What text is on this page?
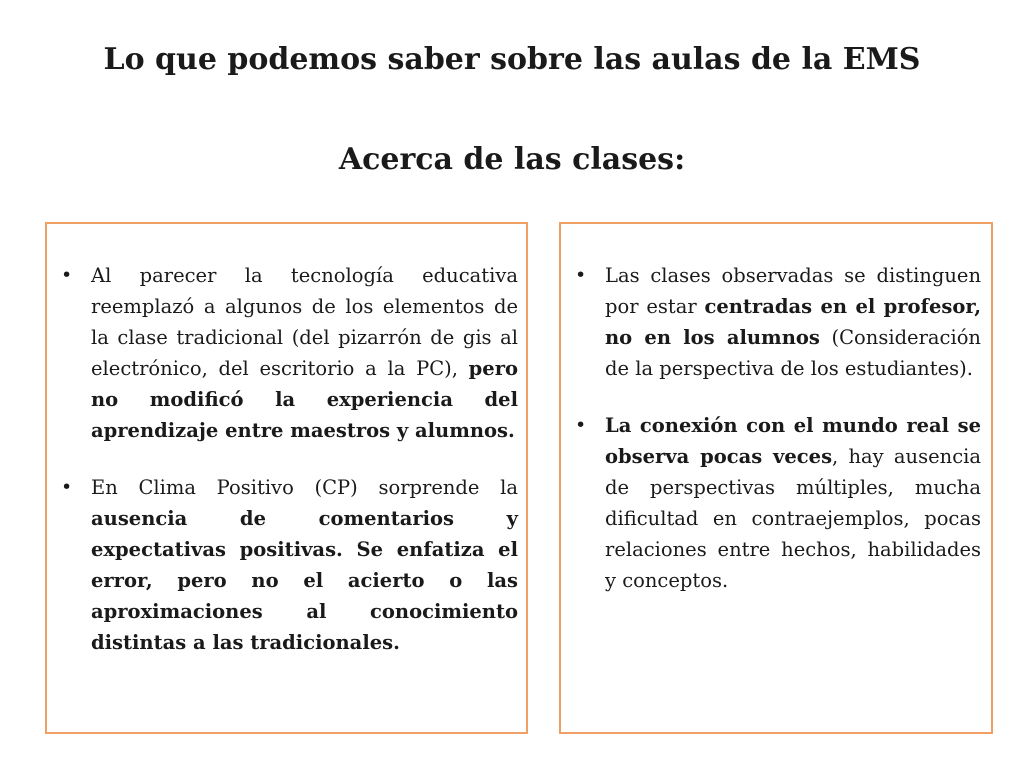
Lo que podemos saber sobre las aulas de la EMS
Acerca de las clases:
• Al parecer la tecnología educativa reemplazó a algunos de los elementos de la clase tradicional (del pizarrón de gis al electrónico, del escritorio a la PC), pero no modificó la experiencia del aprendizaje entre maestros y alumnos.
• En Clima Positivo (CP) sorprende la ausencia de comentarios y expectativas positivas. Se enfatiza el error, pero no el acierto o las aproximaciones al conocimiento distintas a las tradicionales.
• Las clases observadas se distinguen por estar centradas en el profesor, no en los alumnos (Consideración de la perspectiva de los estudiantes).
• La conexión con el mundo real se observa pocas veces, hay ausencia de perspectivas múltiples, mucha dificultad en contraejemplos, pocas relaciones entre hechos, habilidades y conceptos.
